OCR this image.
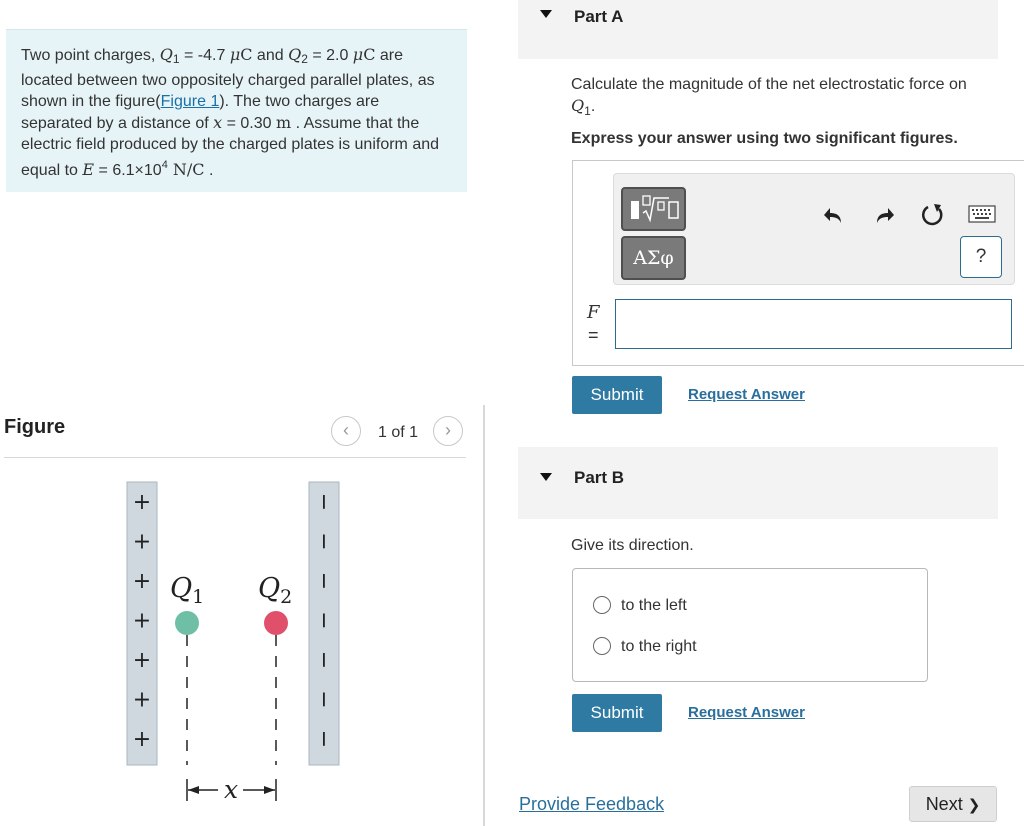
Two point charges, $Q_1 = -4.7$ μC and $Q_2 = 2.0$ μC are located between two oppositely charged parallel plates, as shown in the figure(Figure 1). The two charges are separated by a distance of x = 0.30 m . Assume that the electric field produced by the charged plates is uniform and equal to $E = 6.1\times 10^4$ N/C .
Figure	‹	1 of 1	›
+
+
+
+
+
+
+
−
−
−
−
−
−
−
$Q_1$ $Q_2$
x
Part A
Calculate the magnitude of the net electrostatic force on
$Q_1$.
Express your answer using two significant figures.
ΑΣφ	?
F
=
Submit	Request Answer
Part B
Give its direction.
to the left
to the right
Submit	Request Answer
Provide Feedback	Next ❯
